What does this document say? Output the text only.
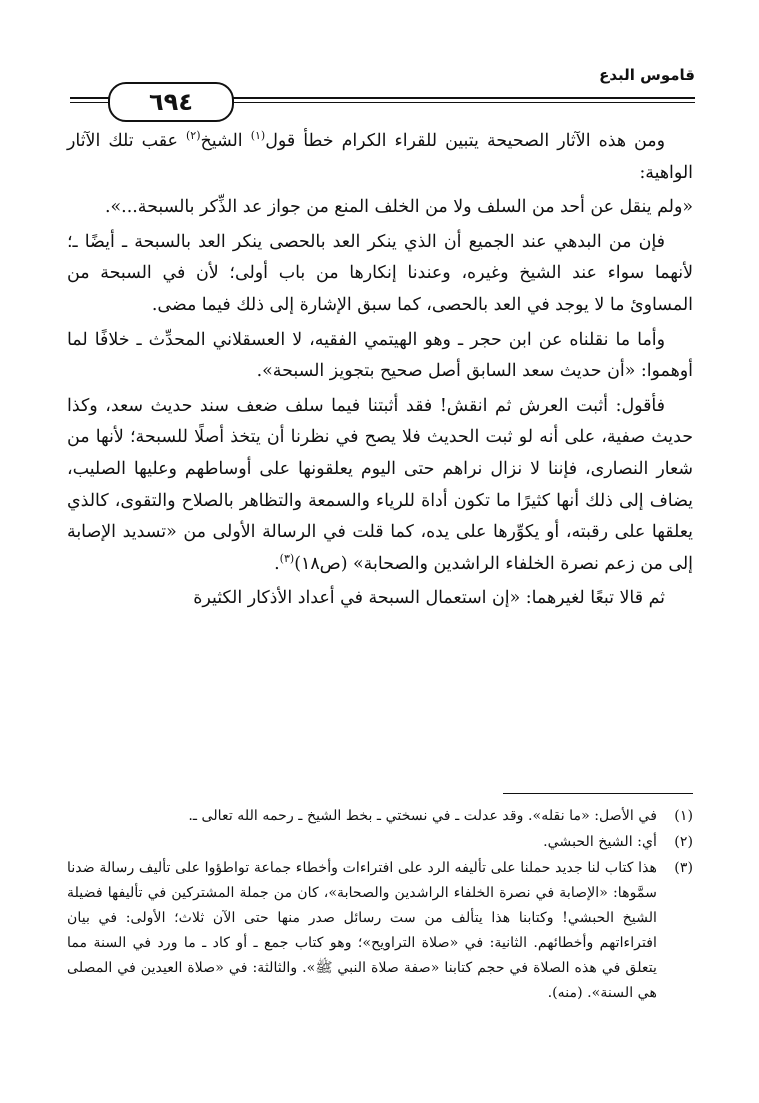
قاموس البدع
٦٩٤

ومن هذه الآثار الصحيحة يتبين للقراء الكرام خطأ قول$^{(١)}$ الشيخ$^{(٢)}$ عقب تلك الآثار الواهية:

«ولم ينقل عن أحد من السلف ولا من الخلف المنع من جواز عد الذِّكر بالسبحة...».

فإن من البدهي عند الجميع أن الذي ينكر العد بالحصى ينكر العد بالسبحة ـ أيضًا ـ؛ لأنهما سواء عند الشيخ وغيره، وعندنا إنكارها من باب أولى؛ لأن في السبحة من المساوئ ما لا يوجد في العد بالحصى، كما سبق الإشارة إلى ذلك فيما مضى.

وأما ما نقلناه عن ابن حجر ـ وهو الهيتمي الفقيه، لا العسقلاني المحدِّث ـ خلافًا لما أوهموا: «أن حديث سعد السابق أصل صحيح بتجويز السبحة».

فأقول: أثبت العرش ثم انقش! فقد أثبتنا فيما سلف ضعف سند حديث سعد، وكذا حديث صفية، على أنه لو ثبت الحديث فلا يصح في نظرنا أن يتخذ أصلًا للسبحة؛ لأنها من شعار النصارى، فإننا لا نزال نراهم حتى اليوم يعلقونها على أوساطهم وعليها الصليب، يضاف إلى ذلك أنها كثيرًا ما تكون أداة للرياء والسمعة والتظاهر بالصلاح والتقوى، كالذي يعلقها على رقبته، أو يكوِّرها على يده، كما قلت في الرسالة الأولى من «تسديد الإصابة إلى من زعم نصرة الخلفاء الراشدين والصحابة» (ص١٨)$^{(٣)}$.

ثم قالا تبعًا لغيرهما: «إن استعمال السبحة في أعداد الأذكار الكثيرة

(١)
في الأصل: «ما نقله». وقد عدلت ـ في نسختي ـ بخط الشيخ ـ رحمه الله تعالى ـ.
(٢)
أي: الشيخ الحبشي.
(٣)
هذا كتاب لنا جديد حملنا على تأليفه الرد على افتراءات وأخطاء جماعة تواطؤوا على تأليف رسالة ضدنا سمَّوها: «الإصابة في نصرة الخلفاء الراشدين والصحابة»، كان من جملة المشتركين في تأليفها فضيلة الشيخ الحبشي! وكتابنا هذا يتألف من ست رسائل صدر منها حتى الآن ثلاث؛ الأولى: في بيان افتراءاتهم وأخطائهم. الثانية: في «صلاة التراويح»؛ وهو كتاب جمع ـ أو كاد ـ ما ورد في السنة مما يتعلق في هذه الصلاة في حجم كتابنا «صفة صلاة النبي ﷺ». والثالثة: في «صلاة العيدين في المصلى هي السنة». (منه).
